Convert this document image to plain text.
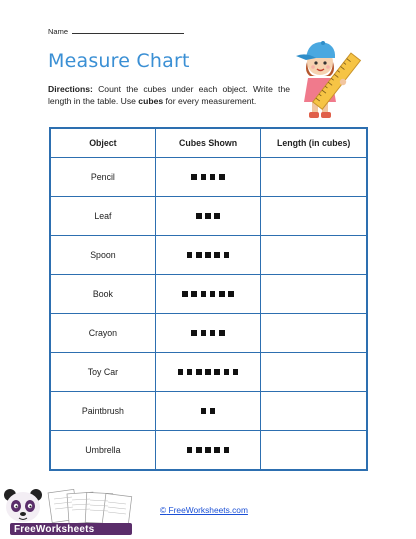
Name
Measure Chart
Directions: Count the cubes under each object. Write the length in the table. Use cubes for every measurement.
Object	Cubes Shown	Length (in cubes)
Pencil	

Leaf	

Spoon	

Book	

Crayon	

Toy Car	

Paintbrush	

Umbrella	

FreeWorksheets
© FreeWorksheets.com
